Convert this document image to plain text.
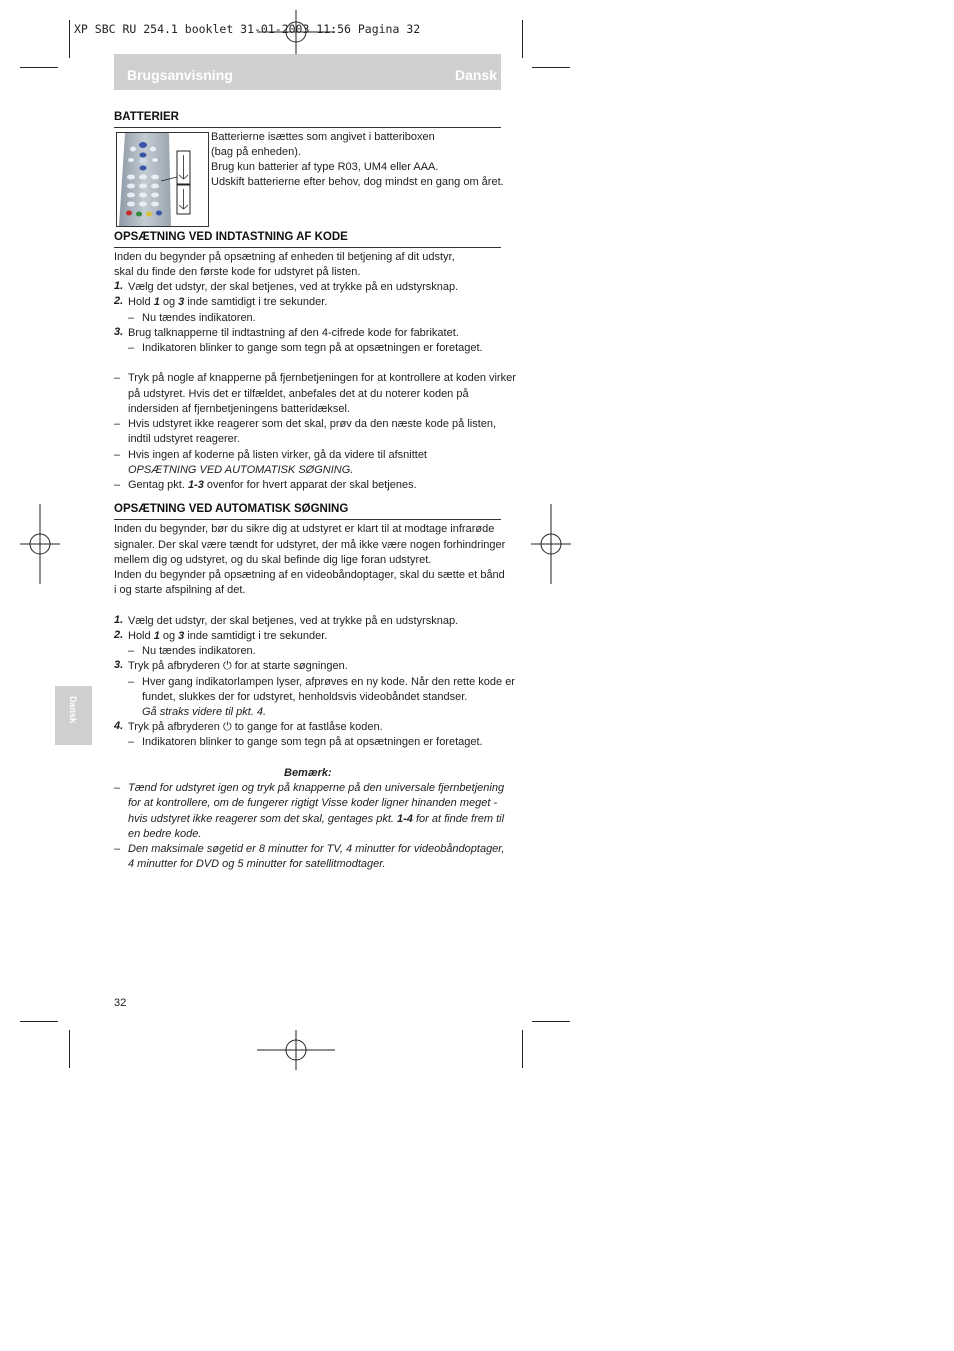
XP SBC RU 254.1 booklet 31-01-2003 11:56 Pagina 32
Brugsanvisning	Dansk
BATTERIER
Batterierne isættes som angivet i batteriboxen
(bag på enheden).
Brug kun batterier af type R03, UM4 eller AAA.
Udskift batterierne efter behov, dog mindst en gang om året.
OPSÆTNING VED INDTASTNING AF KODE
Inden du begynder på opsætning af enheden til betjening af dit udstyr,
skal du finde den første kode for udstyret på listen.
1. Vælg det udstyr, der skal betjenes, ved at trykke på en udstyrsknap.
2. Hold 1 og 3 inde samtidigt i tre sekunder.
– Nu tændes indikatoren.
3. Brug talknapperne til indtastning af den 4-cifrede kode for fabrikatet.
– Indikatoren blinker to gange som tegn på at opsætningen er foretaget.
– Tryk på nogle af knapperne på fjernbetjeningen for at kontrollere at koden virker
på udstyret. Hvis det er tilfældet, anbefales det at du noterer koden på
indersiden af fjernbetjeningens batteridæksel.
– Hvis udstyret ikke reagerer som det skal, prøv da den næste kode på listen,
indtil udstyret reagerer.
– Hvis ingen af koderne på listen virker, gå da videre til afsnittet
OPSÆTNING VED AUTOMATISK SØGNING.
– Gentag pkt. 1-3 ovenfor for hvert apparat der skal betjenes.
OPSÆTNING VED AUTOMATISK SØGNING
Inden du begynder, bør du sikre dig at udstyret er klart til at modtage infrarøde
signaler. Der skal være tændt for udstyret, der må ikke være nogen forhindringer
mellem dig og udstyret, og du skal befinde dig lige foran udstyret.
Inden du begynder på opsætning af en videobåndoptager, skal du sætte et bånd
i og starte afspilning af det.
1. Vælg det udstyr, der skal betjenes, ved at trykke på en udstyrsknap.
2. Hold 1 og 3 inde samtidigt i tre sekunder.
– Nu tændes indikatoren.
3. Tryk på afbryderen ⏻ for at starte søgningen.
– Hver gang indikatorlampen lyser, afprøves en ny kode. Når den rette kode er
fundet, slukkes der for udstyret, henholdsvis videobåndet standser.
Gå straks videre til pkt. 4.
4. Tryk på afbryderen ⏻ to gange for at fastlåse koden.
– Indikatoren blinker to gange som tegn på at opsætningen er foretaget.
Bemærk:
– Tænd for udstyret igen og tryk på knapperne på den universale fjernbetjening
for at kontrollere, om de fungerer rigtigt Visse koder ligner hinanden meget -
hvis udstyret ikke reagerer som det skal, gentages pkt. 1-4 for at finde frem til
en bedre kode.
– Den maksimale søgetid er 8 minutter for TV, 4 minutter for videobåndoptager,
4 minutter for DVD og 5 minutter for satellitmodtager.
Dansk
32
